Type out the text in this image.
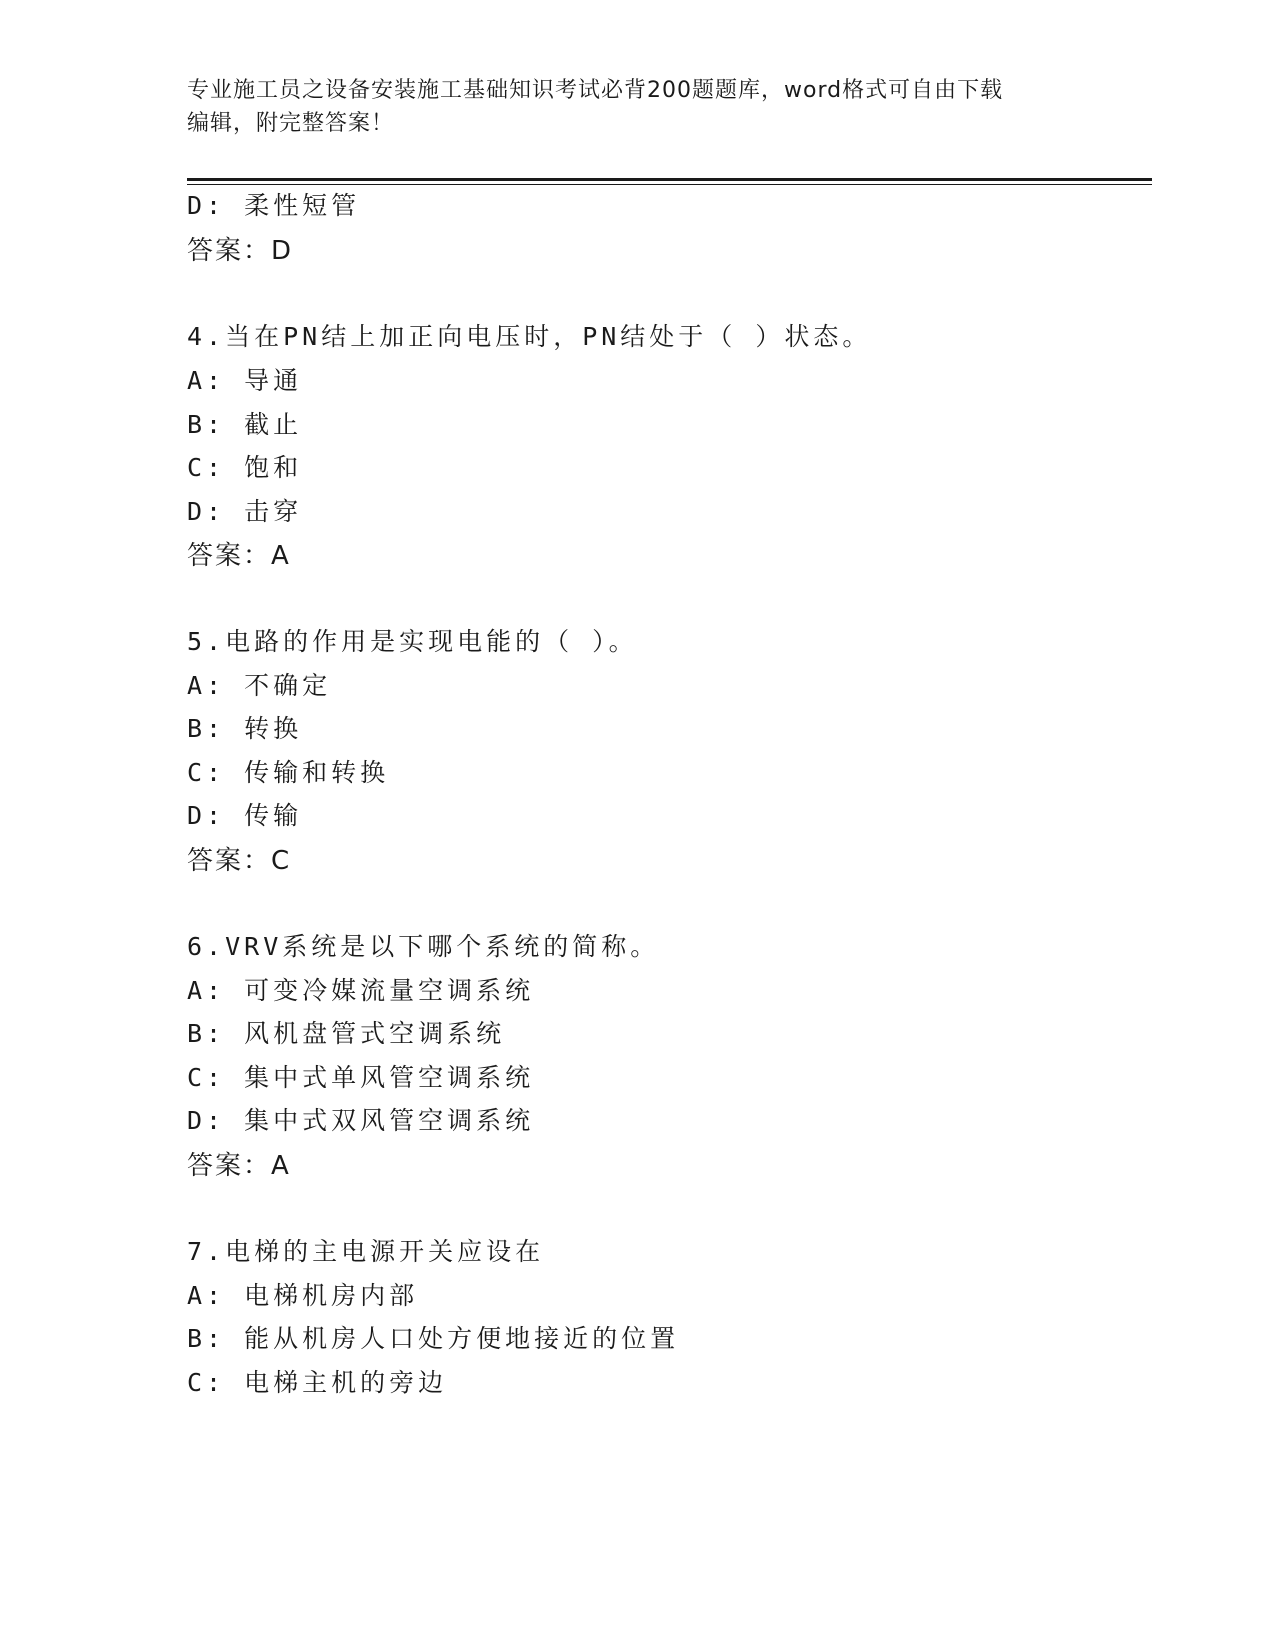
专业施工员之设备安装施工基础知识考试必背200题题库，word格式可自由下载
编辑，附完整答案！
D: 柔性短管
答案：D
4.当在PN结上加正向电压时，PN结处于（ ）状态。
A: 导通
B: 截止
C: 饱和
D: 击穿
答案：A
5.电路的作用是实现电能的（ ）。
A: 不确定
B: 转换
C: 传输和转换
D: 传输
答案：C
6.VRV系统是以下哪个系统的简称。
A: 可变冷媒流量空调系统
B: 风机盘管式空调系统
C: 集中式单风管空调系统
D: 集中式双风管空调系统
答案：A
7.电梯的主电源开关应设在
A: 电梯机房内部
B: 能从机房人口处方便地接近的位置
C: 电梯主机的旁边
